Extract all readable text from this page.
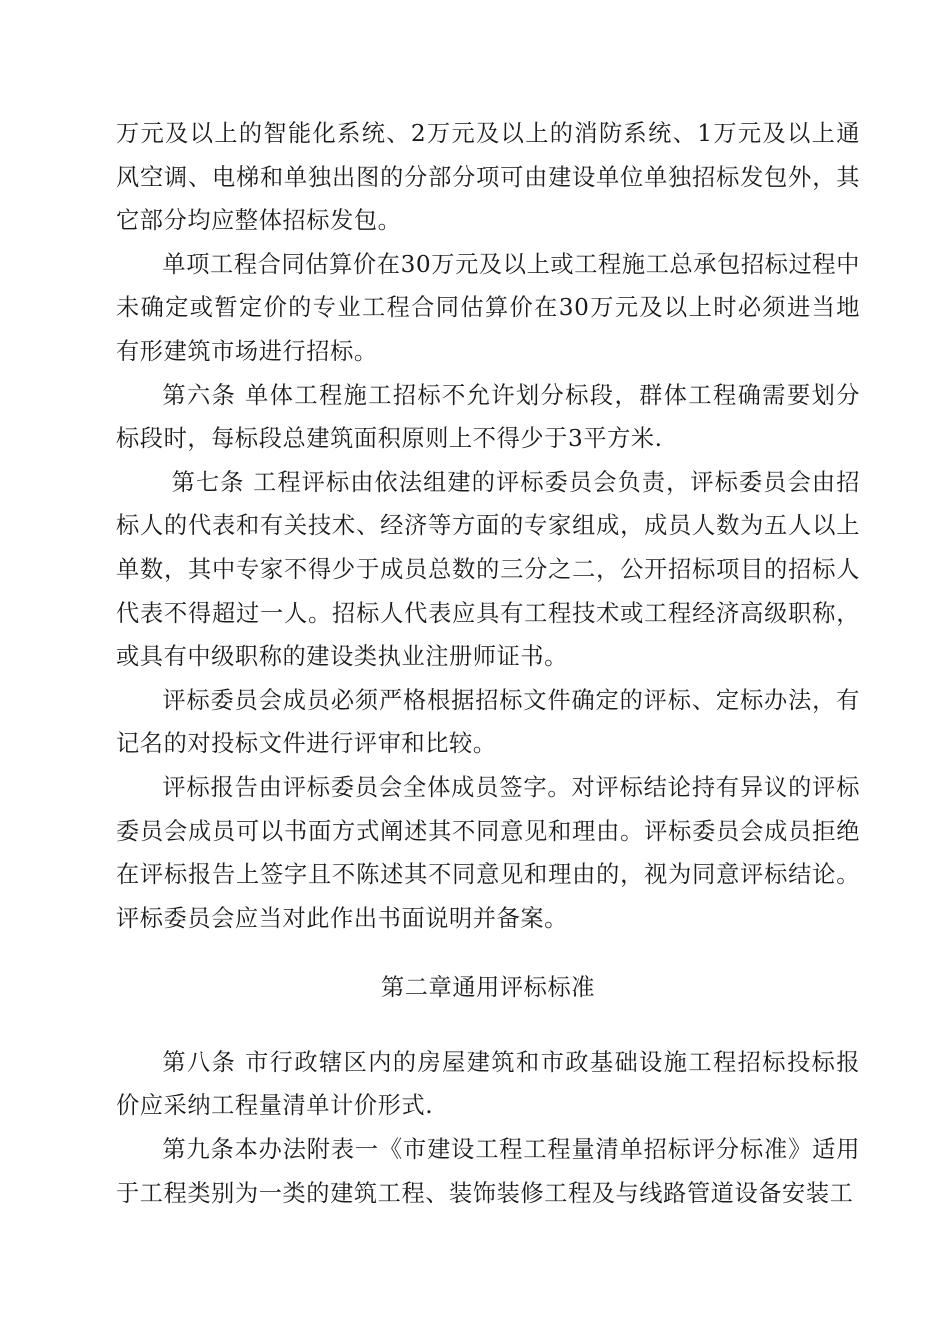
万元及以上的智能化系统、2万元及以上的消防系统、1万元及以上通风空调、电梯和单独出图的分部分项可由建设单位单独招标发包外，其它部分均应整体招标发包。

单项工程合同估算价在30万元及以上或工程施工总承包招标过程中未确定或暂定价的专业工程合同估算价在30万元及以上时必须进当地有形建筑市场进行招标。

第六条 单体工程施工招标不允许划分标段，群体工程确需要划分标段时，每标段总建筑面积原则上不得少于3平方米.

第七条 工程评标由依法组建的评标委员会负责，评标委员会由招标人的代表和有关技术、经济等方面的专家组成，成员人数为五人以上单数，其中专家不得少于成员总数的三分之二，公开招标项目的招标人代表不得超过一人。招标人代表应具有工程技术或工程经济高级职称，或具有中级职称的建设类执业注册师证书。

评标委员会成员必须严格根据招标文件确定的评标、定标办法，有记名的对投标文件进行评审和比较。

评标报告由评标委员会全体成员签字。对评标结论持有异议的评标委员会成员可以书面方式阐述其不同意见和理由。评标委员会成员拒绝在评标报告上签字且不陈述其不同意见和理由的，视为同意评标结论。评标委员会应当对此作出书面说明并备案。

第二章通用评标标准

第八条 市行政辖区内的房屋建筑和市政基础设施工程招标投标报价应采纳工程量清单计价形式.

第九条本办法附表一《市建设工程工程量清单招标评分标准》适用于工程类别为一类的建筑工程、装饰装修工程及与线路管道设备安装工
